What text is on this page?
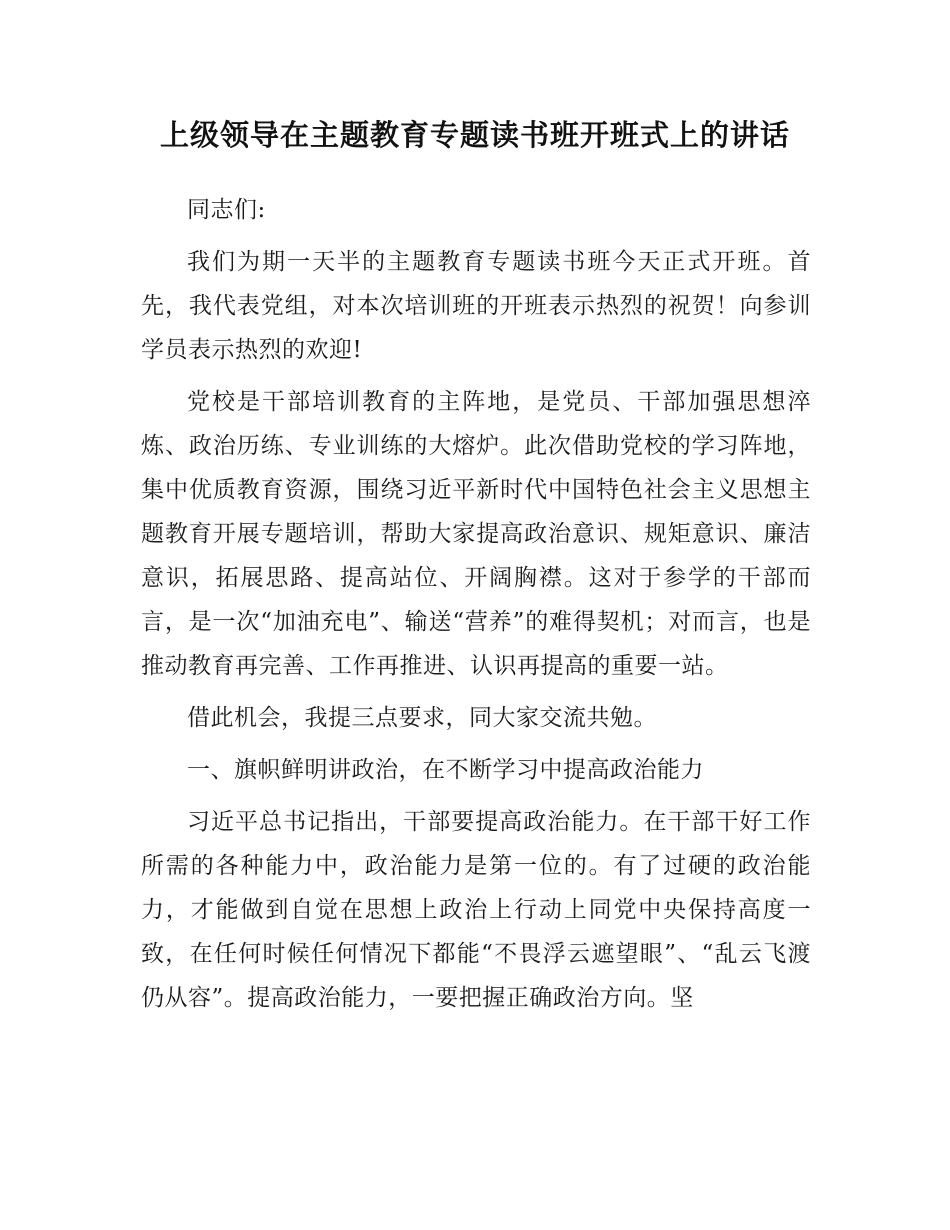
上级领导在主题教育专题读书班开班式上的讲话

同志们:

我们为期一天半的主题教育专题读书班今天正式开班。首先，我代表党组，对本次培训班的开班表示热烈的祝贺！向参训学员表示热烈的欢迎!

党校是干部培训教育的主阵地，是党员、干部加强思想淬炼、政治历练、专业训练的大熔炉。此次借助党校的学习阵地，集中优质教育资源，围绕习近平新时代中国特色社会主义思想主题教育开展专题培训，帮助大家提高政治意识、规矩意识、廉洁意识，拓展思路、提高站位、开阔胸襟。这对于参学的干部而言，是一次“加油充电”、输送“营养”的难得契机；对而言，也是推动教育再完善、工作再推进、认识再提高的重要一站。

借此机会，我提三点要求，同大家交流共勉。

一、旗帜鲜明讲政治，在不断学习中提高政治能力

习近平总书记指出，干部要提高政治能力。在干部干好工作所需的各种能力中，政治能力是第一位的。有了过硬的政治能力，才能做到自觉在思想上政治上行动上同党中央保持高度一致，在任何时候任何情况下都能“不畏浮云遮望眼”、“乱云飞渡仍从容”。提高政治能力，一要把握正确政治方向。坚
